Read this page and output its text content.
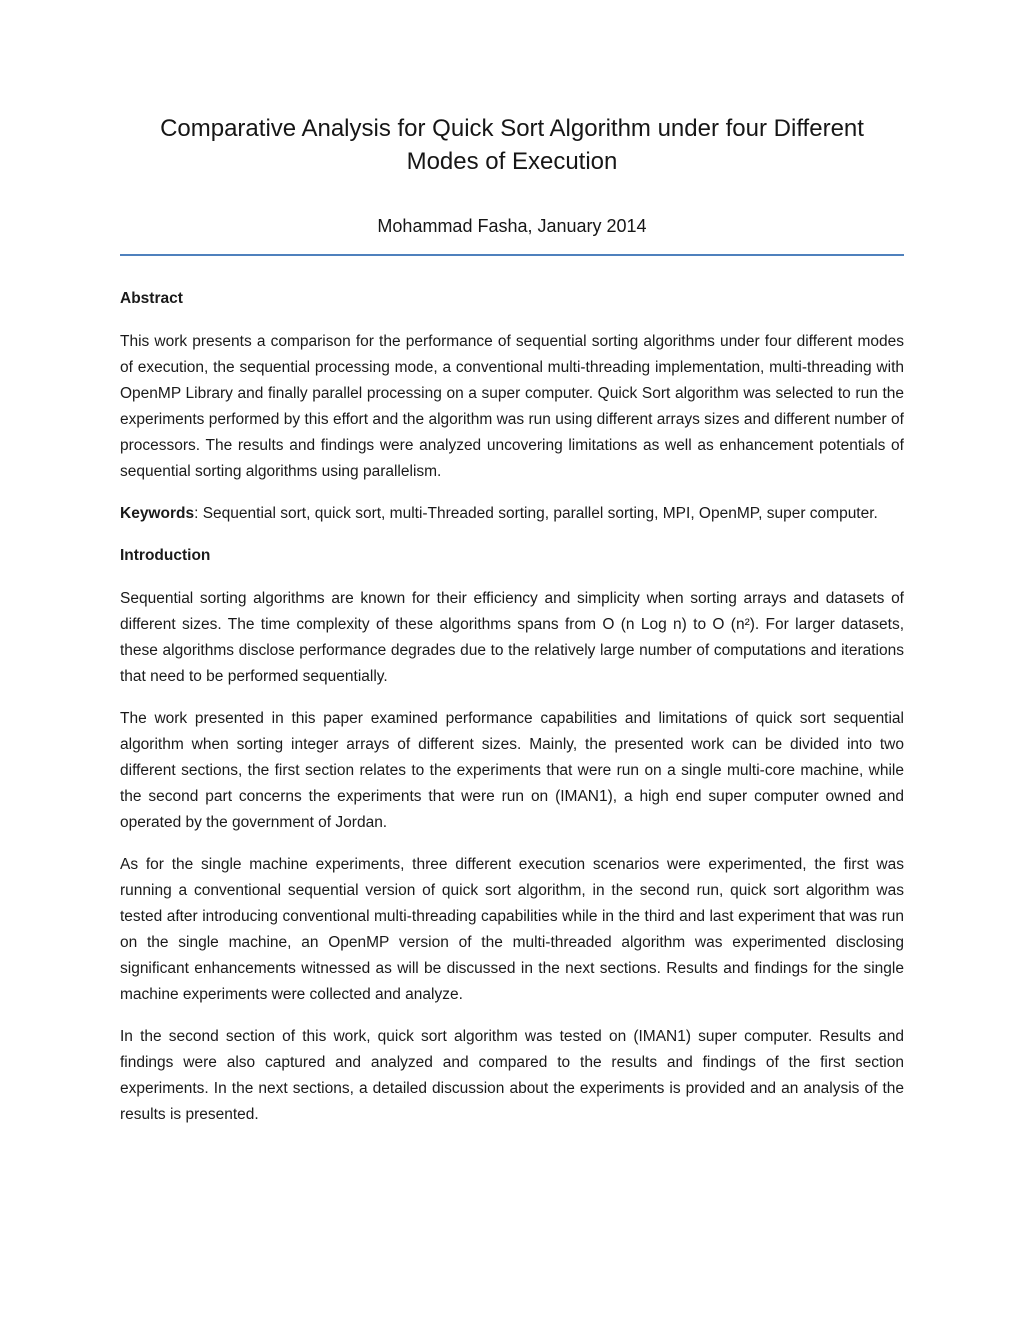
Comparative Analysis for Quick Sort Algorithm under four Different
Modes of Execution

Mohammad Fasha, January 2014

Abstract

This work presents a comparison for the performance of sequential sorting algorithms under four different modes of execution, the sequential processing mode, a conventional multi-threading implementation, multi-threading with OpenMP Library and finally parallel processing on a super computer. Quick Sort algorithm was selected to run the experiments performed by this effort and the algorithm was run using different arrays sizes and different number of processors. The results and findings were analyzed uncovering limitations as well as enhancement potentials of sequential sorting algorithms using parallelism.

Keywords: Sequential sort, quick sort, multi-Threaded sorting, parallel sorting, MPI, OpenMP, super computer.

Introduction

Sequential sorting algorithms are known for their efficiency and simplicity when sorting arrays and datasets of different sizes. The time complexity of these algorithms spans from O (n Log n) to O (n²). For larger datasets, these algorithms disclose performance degrades due to the relatively large number of computations and iterations that need to be performed sequentially.

The work presented in this paper examined performance capabilities and limitations of quick sort sequential algorithm when sorting integer arrays of different sizes. Mainly, the presented work can be divided into two different sections, the first section relates to the experiments that were run on a single multi-core machine, while the second part concerns the experiments that were run on (IMAN1), a high end super computer owned and operated by the government of Jordan.

As for the single machine experiments, three different execution scenarios were experimented, the first was running a conventional sequential version of quick sort algorithm, in the second run, quick sort algorithm was tested after introducing conventional multi-threading capabilities while in the third and last experiment that was run on the single machine, an OpenMP version of the multi-threaded algorithm was experimented disclosing significant enhancements witnessed as will be discussed in the next sections. Results and findings for the single machine experiments were collected and analyze.

In the second section of this work, quick sort algorithm was tested on (IMAN1) super computer. Results and findings were also captured and analyzed and compared to the results and findings of the first section experiments. In the next sections, a detailed discussion about the experiments is provided and an analysis of the results is presented.
